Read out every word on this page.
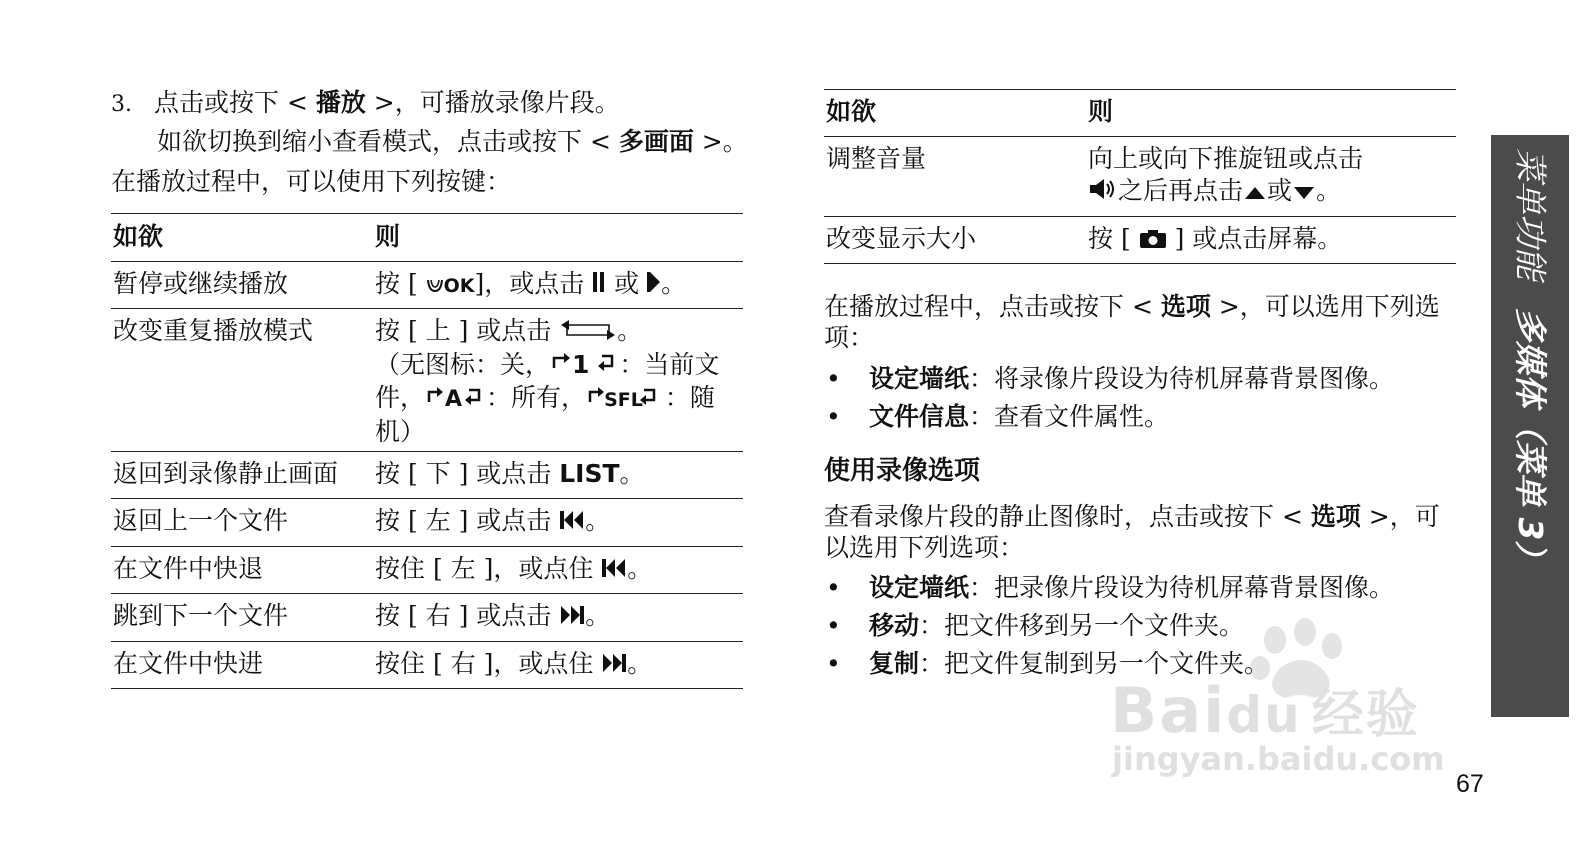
3. 点击或按下 < 播放 >，可播放录像片段。
如欲切换到缩小查看模式，点击或按下 < 多画面 >。
在播放过程中，可以使用下列按键：
如欲	则
暂停或继续播放	按 [ OK]，或点击  或 。
改变重复播放模式	按 [ 上 ] 或点击 。
（无图标：关， 1 ：当前文
件， A ：所有， SFL ：随
机）

返回到录像静止画面	按 [ 下 ] 或点击 LIST。
返回上一个文件	按 [ 左 ] 或点击 。
在文件中快退	按住 [ 左 ]，或点住 。
跳到下一个文件	按 [ 右 ] 或点击 。
在文件中快进	按住 [ 右 ]，或点住 。
如欲	则
调整音量	向上或向下推旋钮或点击
之后再点击 或 。

改变显示大小	按 [  ] 或点击屏幕。
在播放过程中，点击或按下 < 选项 >，可以选用下列选
项：
• 设定墙纸：将录像片段设为待机屏幕背景图像。
• 文件信息：查看文件属性。
使用录像选项
查看录像片段的静止图像时，点击或按下 < 选项 >，可
以选用下列选项：
• 设定墙纸：把录像片段设为待机屏幕背景图像。
• 移动：把文件移到另一个文件夹。
• 复制：把文件复制到另一个文件夹。
菜单功能多媒体（菜单 3）
Baidu 经验
jingyan.baidu.com
67
